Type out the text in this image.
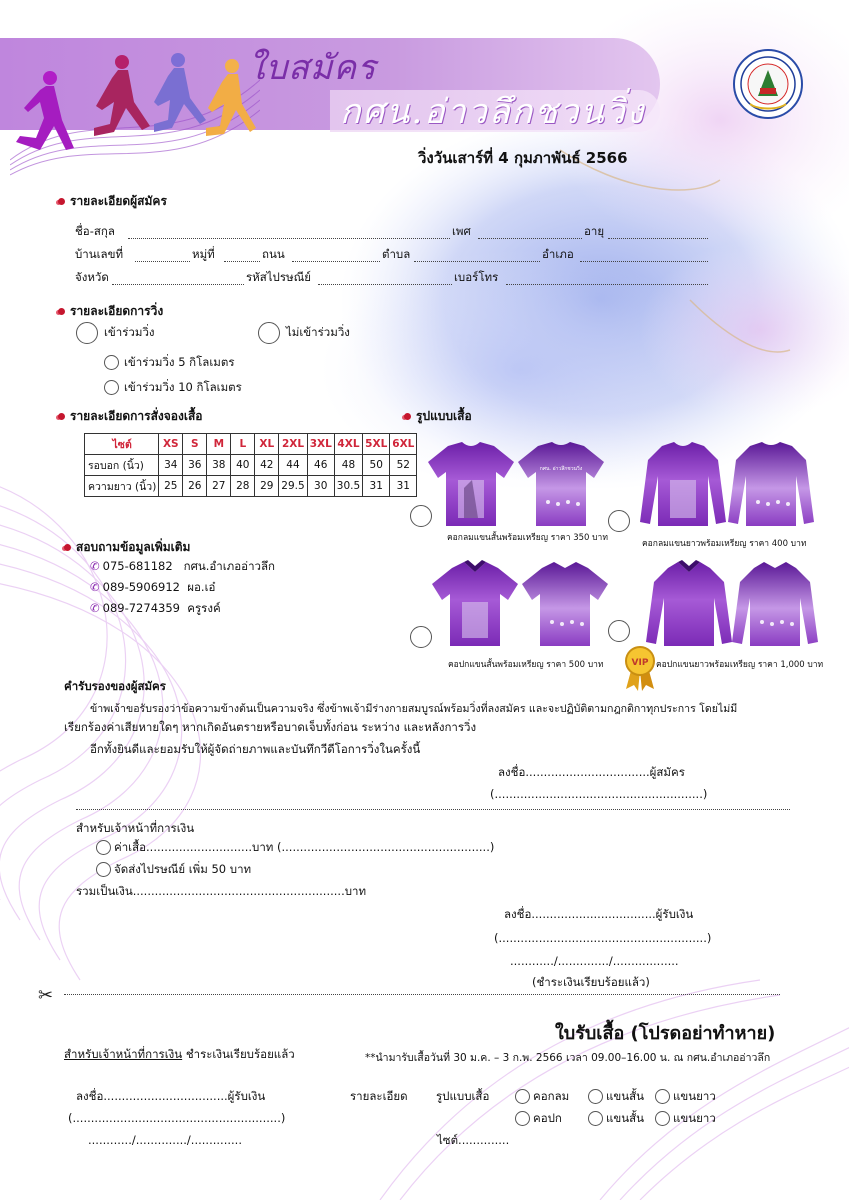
ใบสมัคร
กศน.อ่าวลึกชวนวิ่ง
วิ่งวันเสาร์ที่ 4 กุมภาพันธ์ 2566
รายละเอียดผู้สมัคร
ชื่อ-สกุล	เพศ	อายุ
บ้านเลขที่	หมู่ที่	ถนน	ตำบล	อำเภอ
จังหวัด	รหัสไปรษณีย์	เบอร์โทร
รายละเอียดการวิ่ง
เข้าร่วมวิ่ง	ไม่เข้าร่วมวิ่ง
เข้าร่วมวิ่ง 5 กิโลเมตร
เข้าร่วมวิ่ง 10 กิโลเมตร
รายละเอียดการสั่งจองเสื้อ
ไซต์	XS	S	M	L	XL	2XL	3XL	4XL	5XL	6XL
รอบอก (นิ้ว)	34	36	38	40	42	44	46	48	50	52
ความยาว (นิ้ว)	25	26	27	28	29	29.5	30	30.5	31	31
รูปแบบเสื้อ
กศน. อ่าวลึกชวนวิ่ง
คอกลมแขนสั้นพร้อมเหรียญ ราคา 350 บาท
คอกลมแขนยาวพร้อมเหรียญ ราคา 400 บาท
คอปกแขนสั้นพร้อมเหรียญ ราคา 500 บาท	คอปกแขนยาวพร้อมเหรียญ ราคา 1,000 บาท
VIP
สอบถามข้อมูลเพิ่มเติม
✆ 075-681182 กศน.อำเภออ่าวลึก
✆ 089-5906912 ผอ.เอ๋
✆ 089-7274359 ครูรงค์
คำรับรองของผู้สมัคร
ข้าพเจ้าขอรับรองว่าข้อความข้างต้นเป็นความจริง ซึ่งข้าพเจ้ามีร่างกายสมบูรณ์พร้อมวิ่งที่ลงสมัคร และจะปฏิบัติตามกฎกติกาทุกประการ โดยไม่มี
เรียกร้องค่าเสียหายใดๆ หากเกิดอันตรายหรือบาดเจ็บทั้งก่อน ระหว่าง และหลังการวิ่ง
อีกทั้งยินดีและยอมรับให้ผู้จัดถ่ายภาพและบันทึกวีดีโอการวิ่งในครั้งนี้
ลงชื่อ..................................ผู้สมัคร
(.........................................................)
สำหรับเจ้าหน้าที่การเงิน
ค่าเสื้อ.............................บาท (.........................................................)
จัดส่งไปรษณีย์ เพิ่ม 50 บาท
รวมเป็นเงิน..........................................................บาท
ลงชื่อ..................................ผู้รับเงิน
(.........................................................)
............/............../..................
(ชำระเงินเรียบร้อยแล้ว)
✂
ใบรับเสื้อ (โปรดอย่าทำหาย)
สำหรับเจ้าหน้าที่การเงิน ชำระเงินเรียบร้อยแล้ว	**นำมารับเสื้อวันที่ 30 ม.ค. – 3 ก.พ. 2566 เวลา 09.00–16.00 น. ณ กศน.อำเภออ่าวลึก
ลงชื่อ..................................ผู้รับเงิน
(.........................................................)
............/............../..............
รายละเอียด รูปแบบเสื้อ	คอกลม	แขนสั้น	แขนยาว
คอปก	แขนสั้น	แขนยาว
ไซต์..............
